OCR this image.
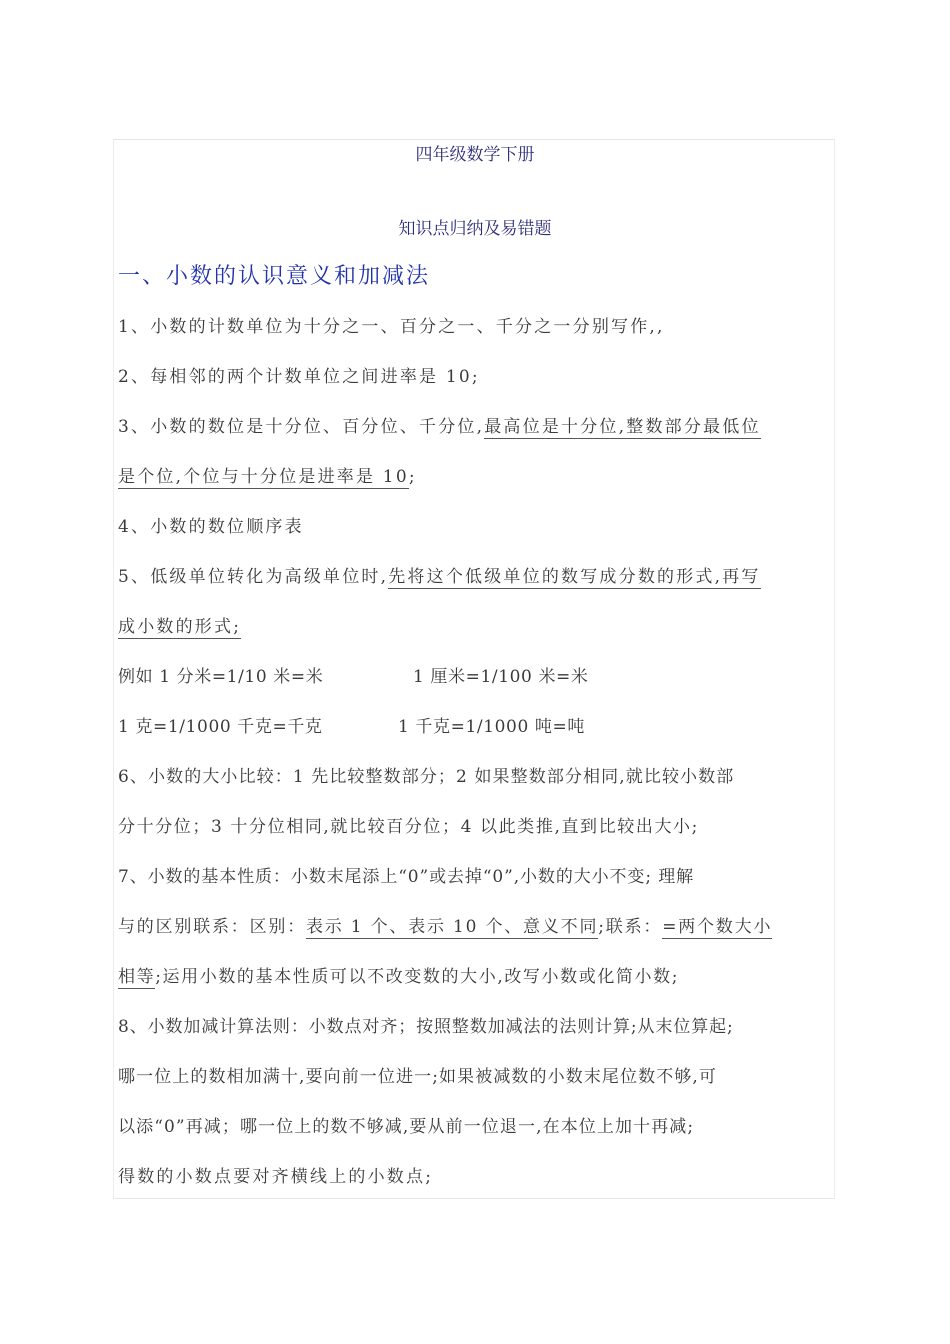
四年级数学下册
知识点归纳及易错题
一、小数的认识意义和加减法
1、小数的计数单位为十分之一、百分之一、千分之一分别写作,,
2、每相邻的两个计数单位之间进率是 10;
3、小数的数位是十分位、百分位、千分位,最高位是十分位,整数部分最低位
是个位,个位与十分位是进率是 10;
4、小数的数位顺序表
5、低级单位转化为高级单位时,先将这个低级单位的数写成分数的形式,再写
成小数的形式;
例如 1 分米=1/10 米=米	1 厘米=1/100 米=米
1 克=1/1000 千克=千克	1 千克=1/1000 吨=吨
6、小数的大小比较：1 先比较整数部分；2 如果整数部分相同,就比较小数部
分十分位；3 十分位相同,就比较百分位；4 以此类推,直到比较出大小;
7、小数的基本性质：小数末尾添上“0”或去掉“0”,小数的大小不变; 理解
与的区别联系：区别：表示 1 个、表示 10 个、意义不同;联系：=两个数大小
相等;运用小数的基本性质可以不改变数的大小,改写小数或化简小数;
8、小数加减计算法则：小数点对齐；按照整数加减法的法则计算;从末位算起;
哪一位上的数相加满十,要向前一位进一;如果被减数的小数末尾位数不够,可
以添“0”再减；哪一位上的数不够减,要从前一位退一,在本位上加十再减;
得数的小数点要对齐横线上的小数点;
